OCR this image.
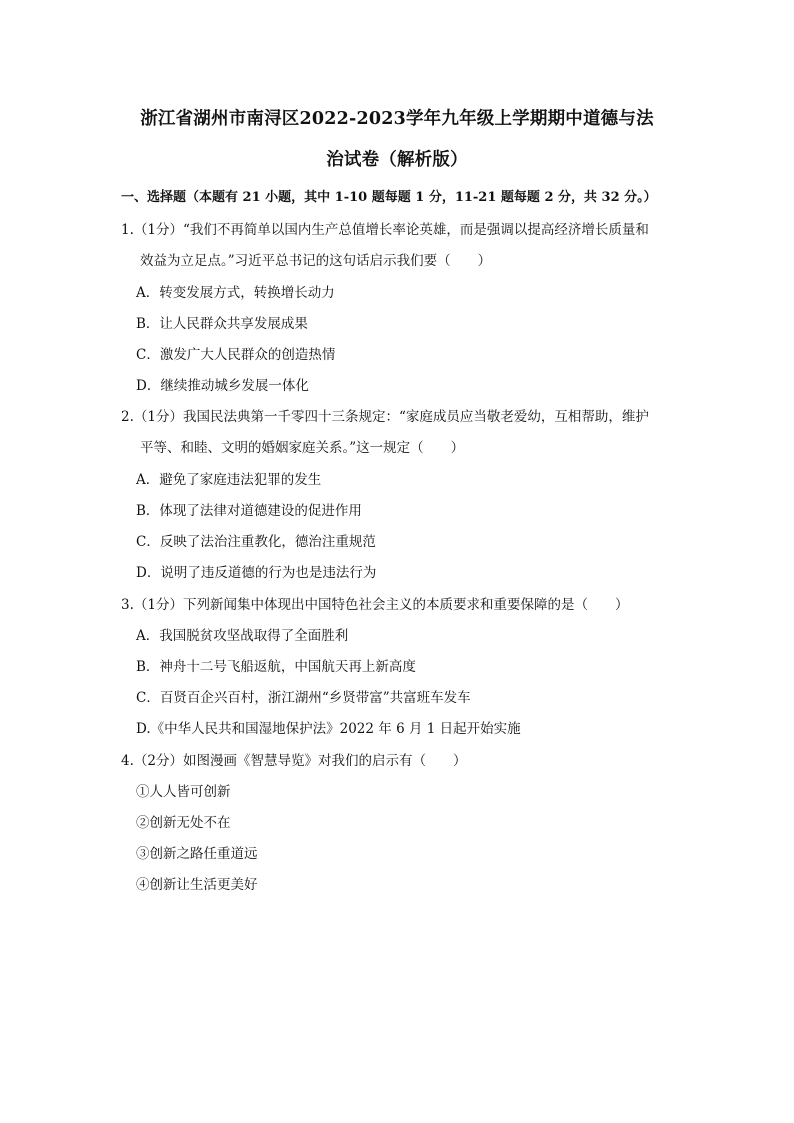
浙江省湖州市南浔区2022-2023学年九年级上学期期中道德与法
治试卷（解析版）
一、选择题（本题有 21 小题，其中 1-10 题每题 1 分，11-21 题每题 2 分，共 32 分。）
1.（1分）“我们不再简单以国内生产总值增长率论英雄，而是强调以提高经济增长质量和
效益为立足点。”习近平总书记的这句话启示我们要（　　）
A．转变发展方式，转换增长动力
B．让人民群众共享发展成果
C．激发广大人民群众的创造热情
D．继续推动城乡发展一体化
2.（1分）我国民法典第一千零四十三条规定：“家庭成员应当敬老爱幼，互相帮助，维护
平等、和睦、文明的婚姻家庭关系。”这一规定（　　）
A．避免了家庭违法犯罪的发生
B．体现了法律对道德建设的促进作用
C．反映了法治注重教化，德治注重规范
D．说明了违反道德的行为也是违法行为
3.（1分）下列新闻集中体现出中国特色社会主义的本质要求和重要保障的是（　　）
A．我国脱贫攻坚战取得了全面胜利
B．神舟十二号飞船返航，中国航天再上新高度
C．百贤百企兴百村，浙江湖州“乡贤带富”共富班车发车
D.《中华人民共和国湿地保护法》2022 年 6 月 1 日起开始实施
4.（2分）如图漫画《智慧导览》对我们的启示有（　　）
①人人皆可创新
②创新无处不在
③创新之路任重道远
④创新让生活更美好
